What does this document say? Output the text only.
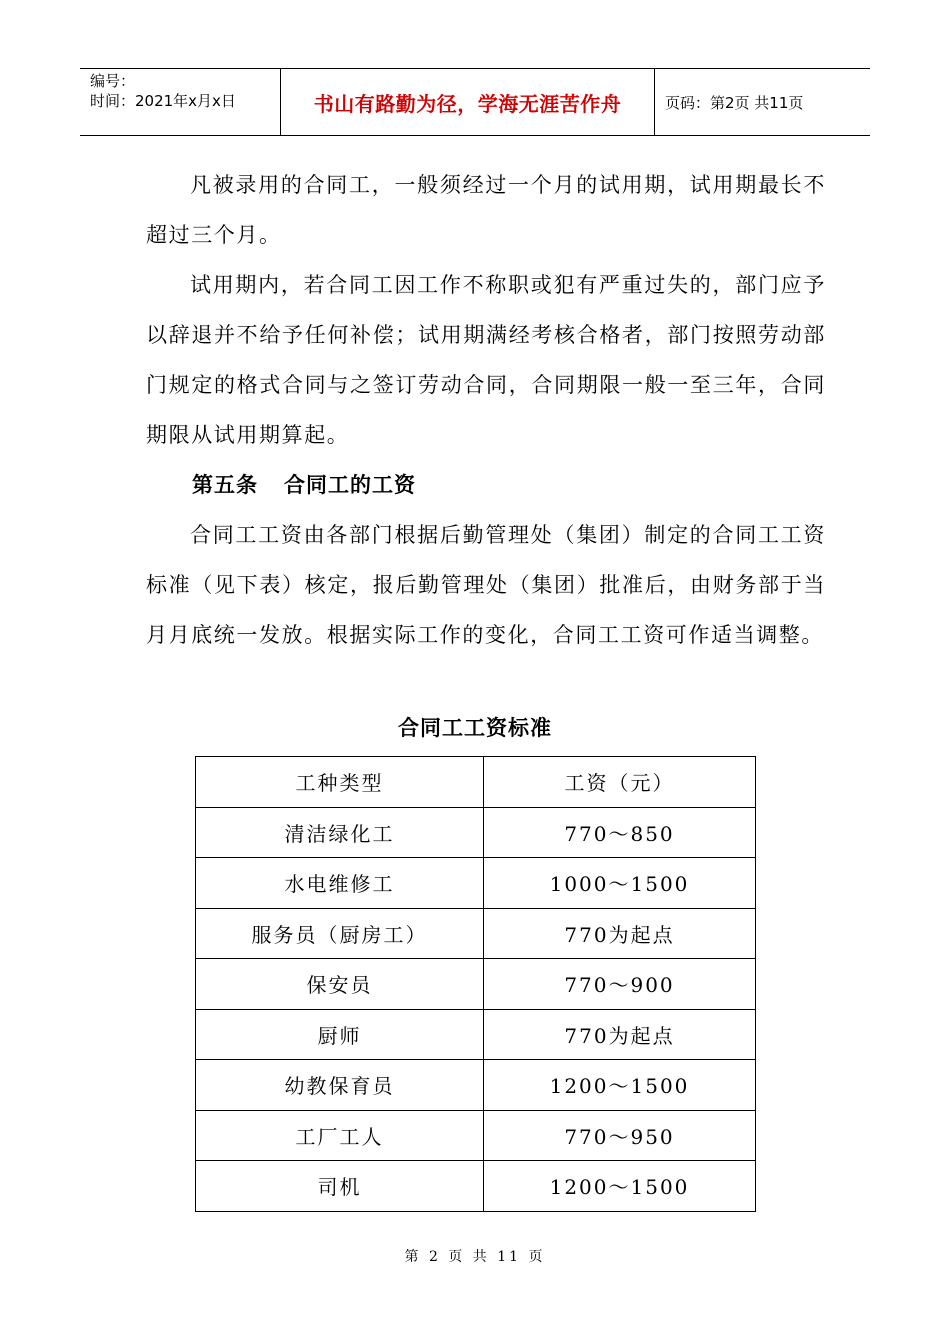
编号：
时间：2021年x月x日	书山有路勤为径，学海无涯苦作舟	页码：第2页 共11页

凡被录用的合同工，一般须经过一个月的试用期，试用期最长不超过三个月。

试用期内，若合同工因工作不称职或犯有严重过失的，部门应予以辞退并不给予任何补偿；试用期满经考核合格者，部门按照劳动部门规定的格式合同与之签订劳动合同，合同期限一般一至三年，合同期限从试用期算起。

第五条 合同工的工资

合同工工资由各部门根据后勤管理处（集团）制定的合同工工资标准（见下表）核定，报后勤管理处（集团）批准后，由财务部于当月月底统一发放。根据实际工作的变化，合同工工资可作适当调整。

合同工工资标准
工种类型	工资（元）
清洁绿化工	770～850
水电维修工	1000～1500
服务员（厨房工）	770为起点
保安员	770～900
厨师	770为起点
幼教保育员	1200～1500
工厂工人	770～950
司机	1200～1500
第 2 页 共 11 页
